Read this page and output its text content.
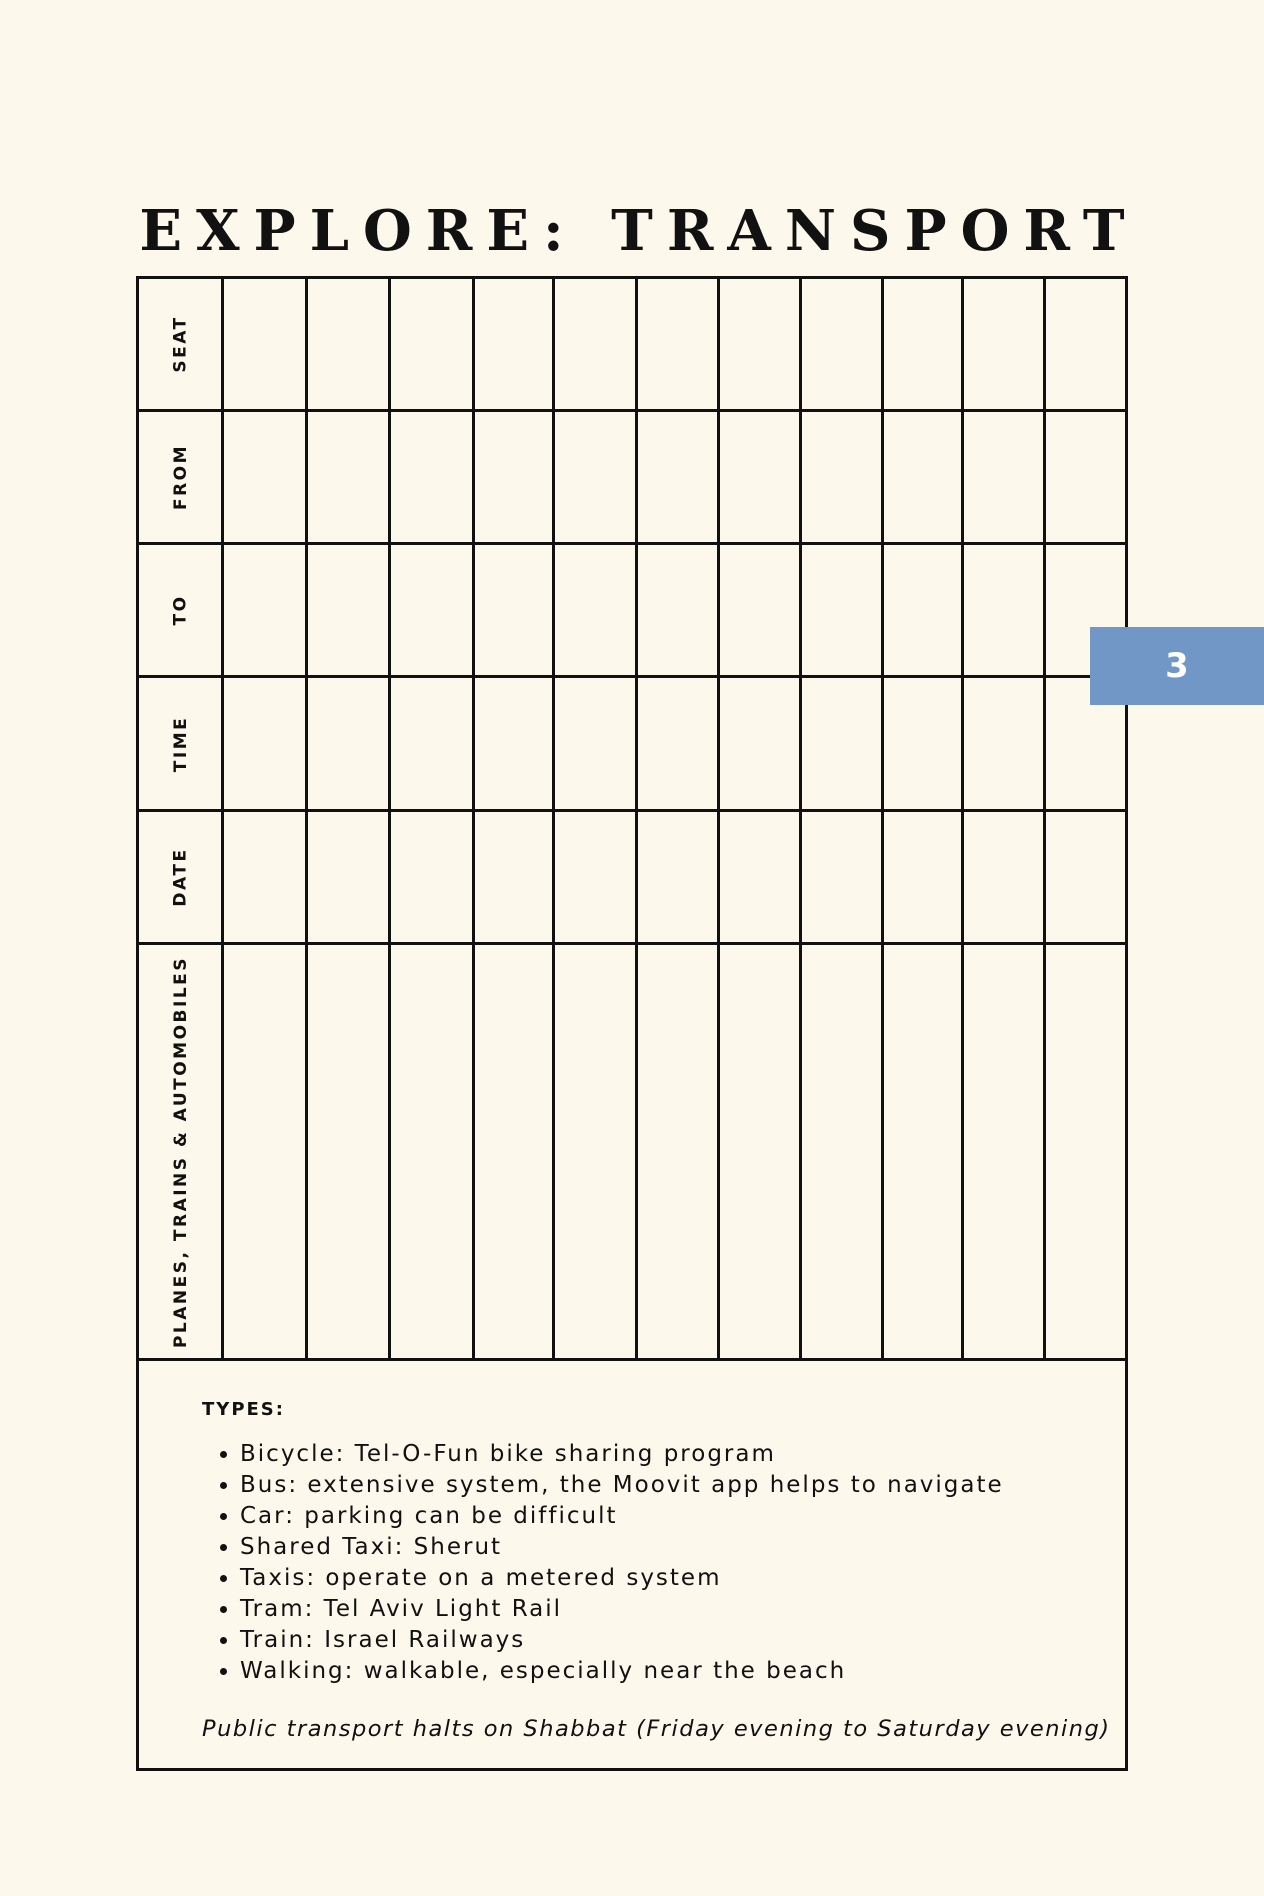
EXPLORE: TRANSPORT
SEAT
FROM
TO
TIME
DATE
PLANES, TRAINS & AUTOMOBILES
TYPES:
• Bicycle: Tel-O-Fun bike sharing program
• Bus: extensive system, the Moovit app helps to navigate
• Car: parking can be difficult
• Shared Taxi: Sherut
• Taxis: operate on a metered system
• Tram: Tel Aviv Light Rail
• Train: Israel Railways
• Walking: walkable, especially near the beach
Public transport halts on Shabbat (Friday evening to Saturday evening)
3
